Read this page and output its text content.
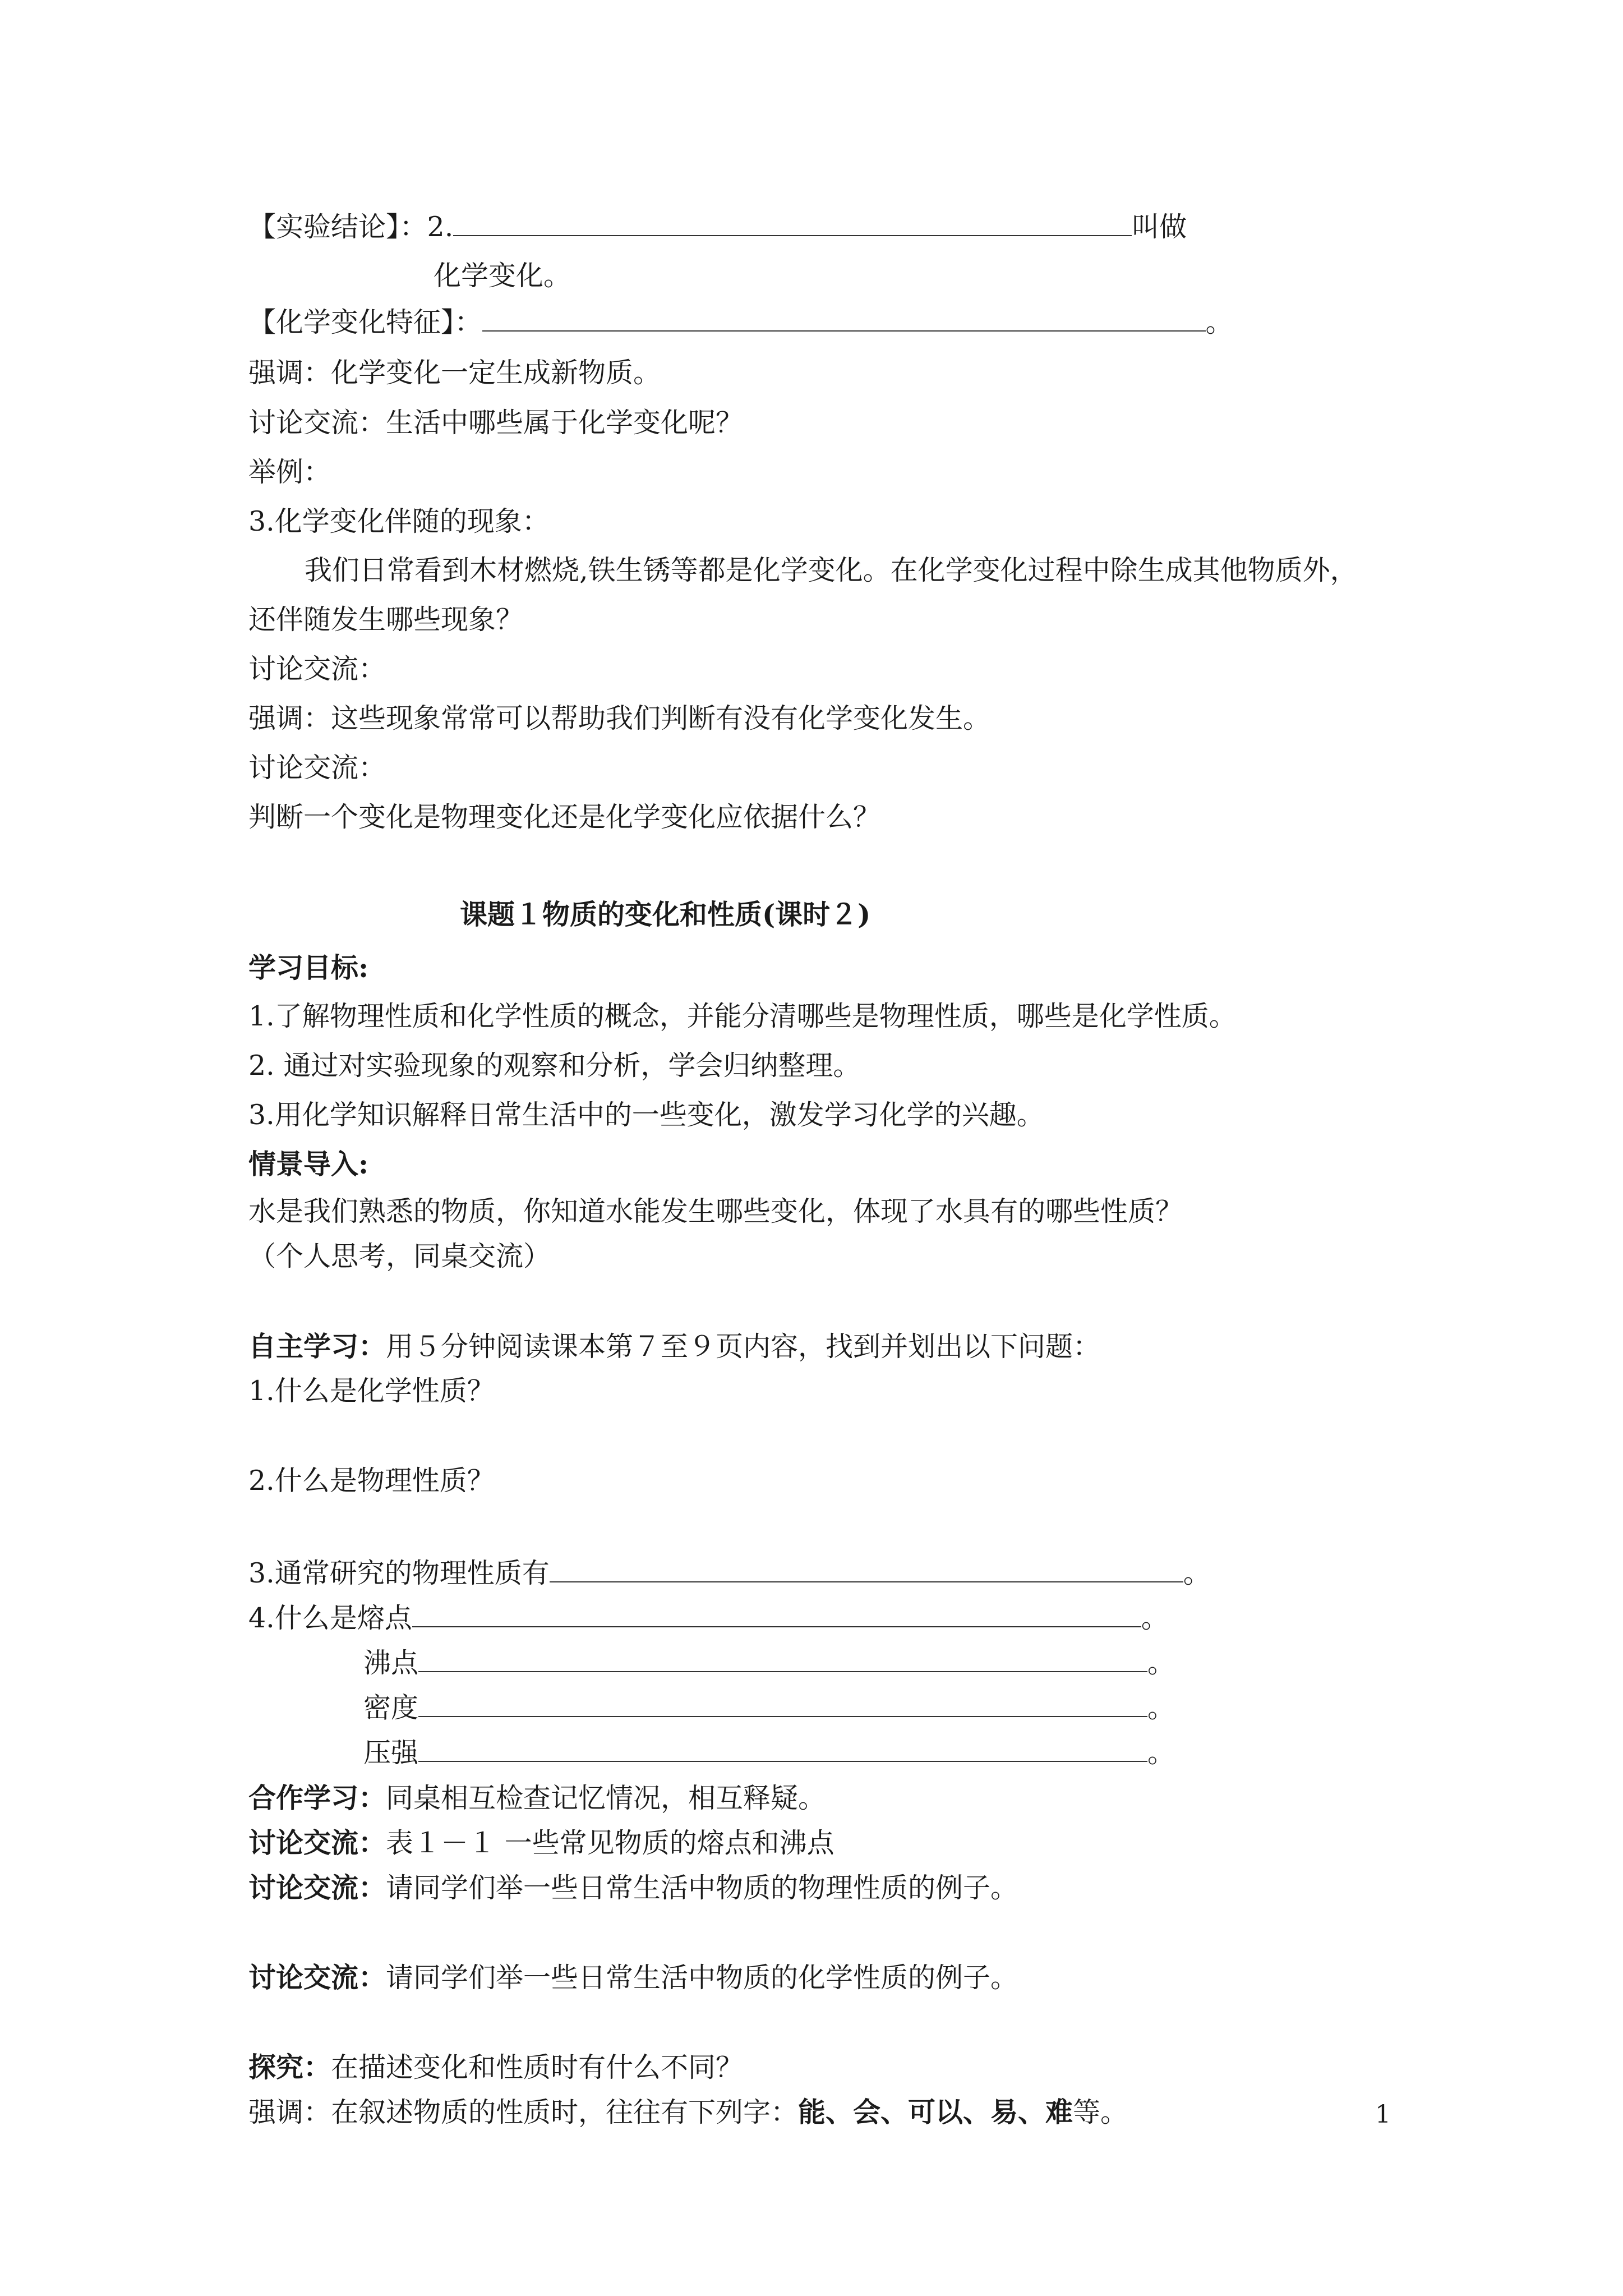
【实验结论】：2.	叫做
化学变化。
【化学变化特征】：	。
强调：化学变化一定生成新物质。
讨论交流：生活中哪些属于化学变化呢？
举例：
3.化学变化伴随的现象：
我们日常看到木材燃烧,铁生锈等都是化学变化。在化学变化过程中除生成其他物质外，
还伴随发生哪些现象？
讨论交流：
强调：这些现象常常可以帮助我们判断有没有化学变化发生。
讨论交流：
判断一个变化是物理变化还是化学变化应依据什么？
课题１物质的变化和性质(课时２)
学习目标:
1.了解物理性质和化学性质的概念，并能分清哪些是物理性质，哪些是化学性质。
2. 通过对实验现象的观察和分析，学会归纳整理。
3.用化学知识解释日常生活中的一些变化，激发学习化学的兴趣。
情景导入:
水是我们熟悉的物质，你知道水能发生哪些变化，体现了水具有的哪些性质？
（个人思考，同桌交流）
自主学习：用５分钟阅读课本第７至９页内容，找到并划出以下问题：
1.什么是化学性质？
2.什么是物理性质？
3.通常研究的物理性质有	。
4.什么是熔点	。
沸点	。
密度	。
压强	。
合作学习：同桌相互检查记忆情况，相互释疑。
讨论交流：表１－１ 一些常见物质的熔点和沸点
讨论交流：请同学们举一些日常生活中物质的物理性质的例子。
讨论交流：请同学们举一些日常生活中物质的化学性质的例子。
探究：在描述变化和性质时有什么不同？
强调：在叙述物质的性质时，往往有下列字：能、会、可以、易、难等。	1
